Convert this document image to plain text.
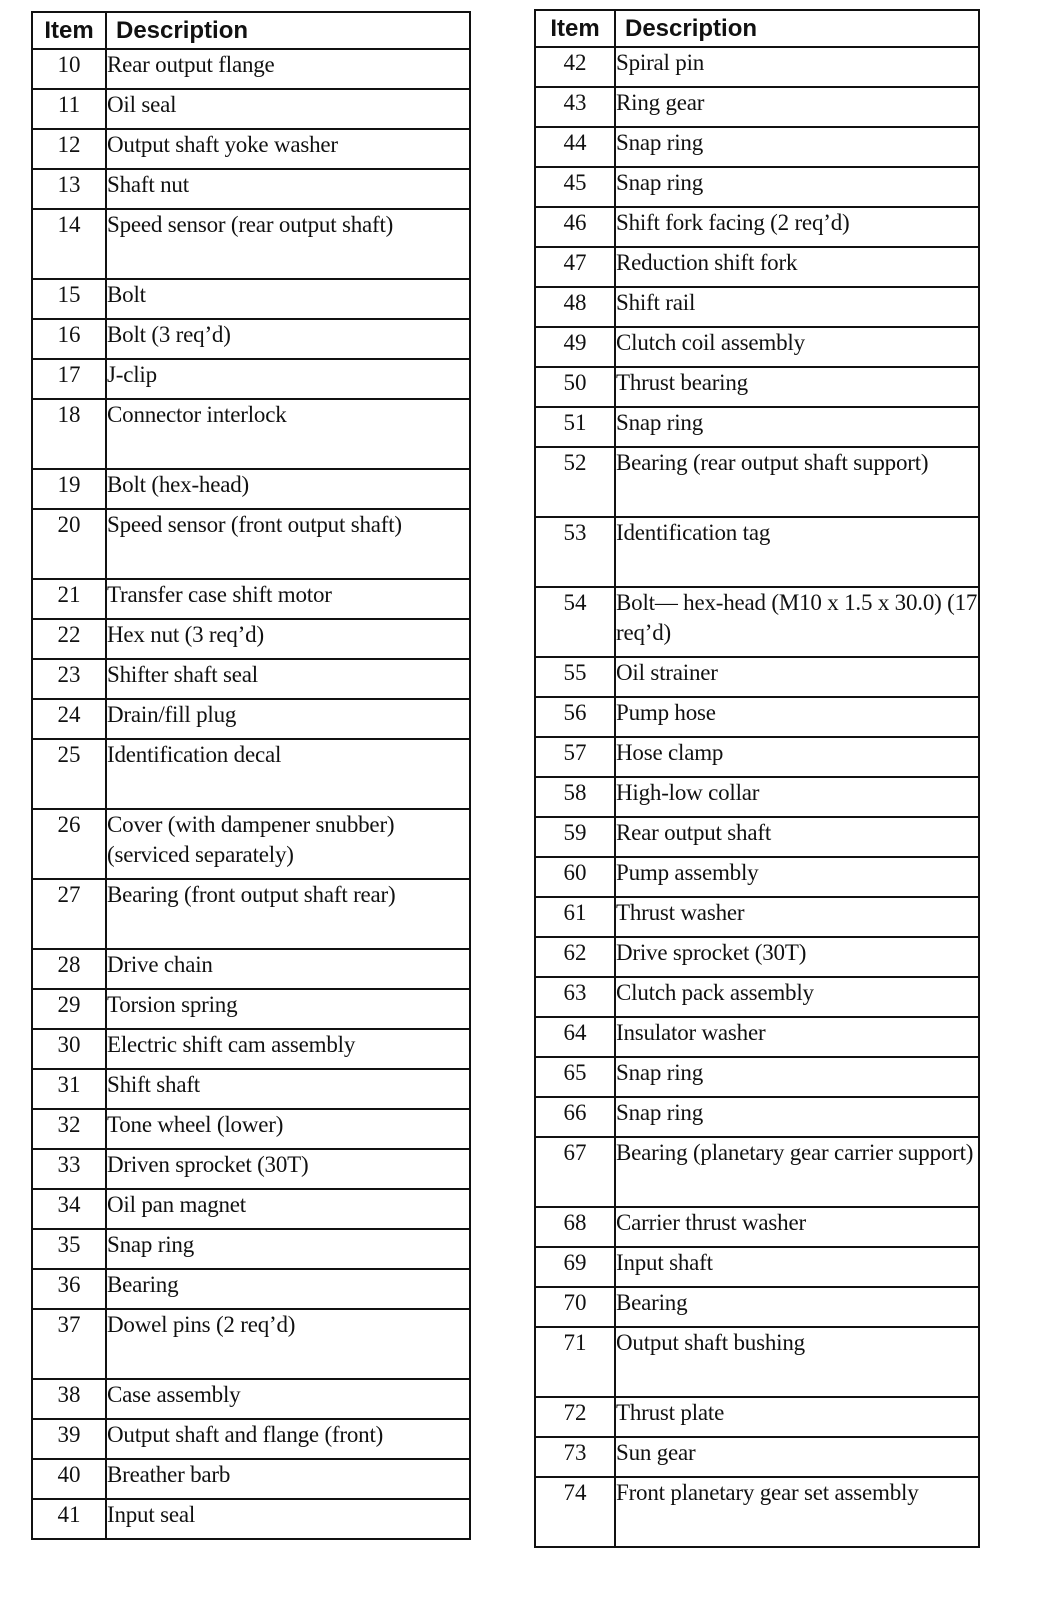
Item	Description
10	Rear output flange
11	Oil seal
12	Output shaft yoke washer
13	Shaft nut
14	Speed sensor (rear output shaft)
15	Bolt
16	Bolt (3 req’d)
17	J-clip
18	Connector interlock
19	Bolt (hex-head)
20	Speed sensor (front output shaft)
21	Transfer case shift motor
22	Hex nut (3 req’d)
23	Shifter shaft seal
24	Drain/fill plug
25	Identification decal
26	Cover (with dampener snubber) (serviced separately)
27	Bearing (front output shaft rear)
28	Drive chain
29	Torsion spring
30	Electric shift cam assembly
31	Shift shaft
32	Tone wheel (lower)
33	Driven sprocket (30T)
34	Oil pan magnet
35	Snap ring
36	Bearing
37	Dowel pins (2 req’d)
38	Case assembly
39	Output shaft and flange (front)
40	Breather barb
41	Input seal
Item	Description
42	Spiral pin
43	Ring gear
44	Snap ring
45	Snap ring
46	Shift fork facing (2 req’d)
47	Reduction shift fork
48	Shift rail
49	Clutch coil assembly
50	Thrust bearing
51	Snap ring
52	Bearing (rear output shaft support)
53	Identification tag
54	Bolt— hex-head (M10 x 1.5 x 30.0) (17 req’d)
55	Oil strainer
56	Pump hose
57	Hose clamp
58	High-low collar
59	Rear output shaft
60	Pump assembly
61	Thrust washer
62	Drive sprocket (30T)
63	Clutch pack assembly
64	Insulator washer
65	Snap ring
66	Snap ring
67	Bearing (planetary gear carrier support)
68	Carrier thrust washer
69	Input shaft
70	Bearing
71	Output shaft bushing
72	Thrust plate
73	Sun gear
74	Front planetary gear set assembly
